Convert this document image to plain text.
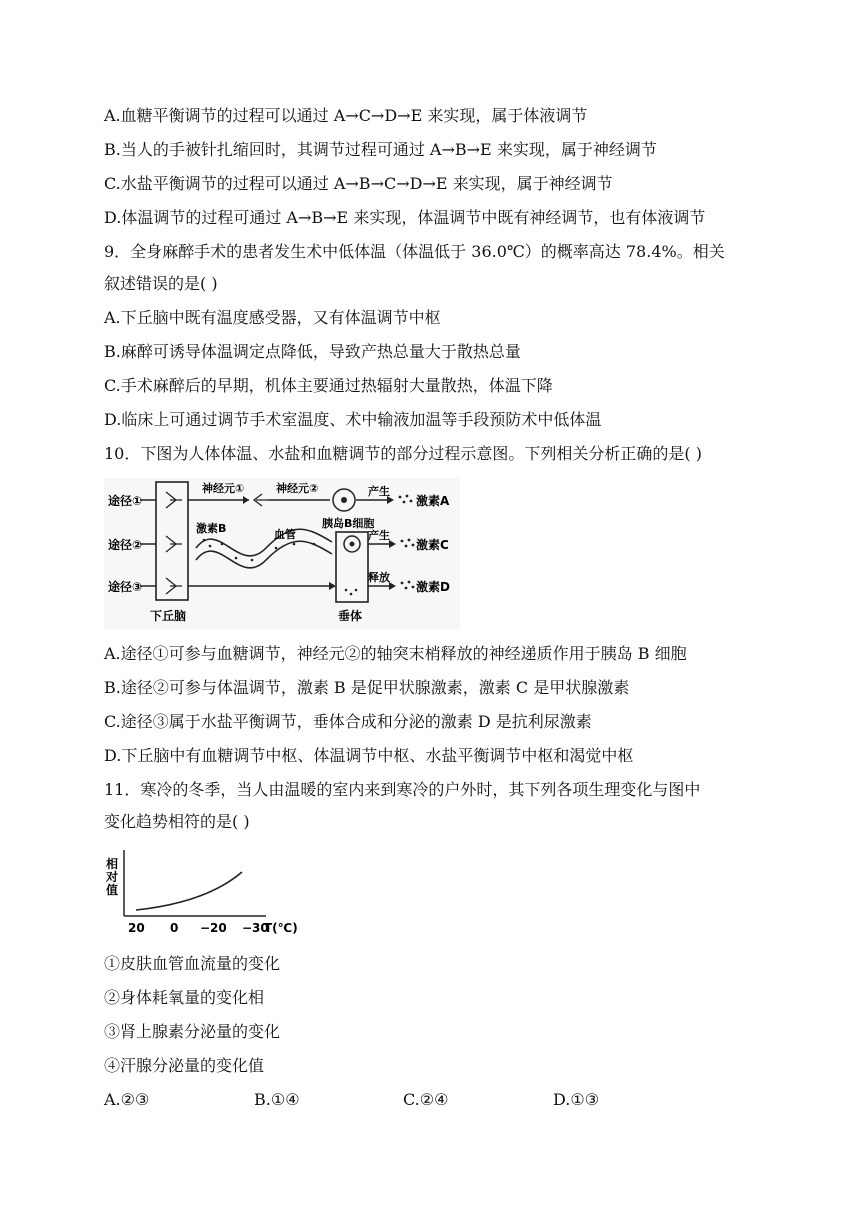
A.血糖平衡调节的过程可以通过 A→C→D→E 来实现，属于体液调节
B.当人的手被针扎缩回时，其调节过程可通过 A→B→E 来实现，属于神经调节
C.水盐平衡调节的过程可以通过 A→B→C→D→E 来实现，属于神经调节
D.体温调节的过程可通过 A→B→E 来实现，体温调节中既有神经调节，也有体液调节
9．全身麻醉手术的患者发生术中低体温（体温低于 36.0℃）的概率高达 78.4%。相关
叙述错误的是( )
A.下丘脑中既有温度感受器，又有体温调节中枢
B.麻醉可诱导体温调定点降低，导致产热总量大于散热总量
C.手术麻醉后的早期，机体主要通过热辐射大量散热，体温下降
D.临床上可通过调节手术室温度、术中输液加温等手段预防术中低体温
10．下图为人体体温、水盐和血糖调节的部分过程示意图。下列相关分析正确的是( )
途径①
途径②
途径③
神经元①	神经元②	产生
激素A
激素B	血管
胰岛B细胞
产生
激素C
释放
激素D
下丘脑	垂体
A.途径①可参与血糖调节，神经元②的轴突末梢释放的神经递质作用于胰岛 B 细胞
B.途径②可参与体温调节，激素 B 是促甲状腺激素，激素 C 是甲状腺激素
C.途径③属于水盐平衡调节，垂体合成和分泌的激素 D 是抗利尿激素
D.下丘脑中有血糖调节中枢、体温调节中枢、水盐平衡调节中枢和渴觉中枢
11．寒冷的冬季，当人由温暖的室内来到寒冷的户外时，其下列各项生理变化与图中
变化趋势相符的是( )
相
对
值
20 0 −20 −30
T(℃)
①皮肤血管血流量的变化
②身体耗氧量的变化相
③肾上腺素分泌量的变化
④汗腺分泌量的变化值
A.②③	B.①④	C.②④	D.①③
